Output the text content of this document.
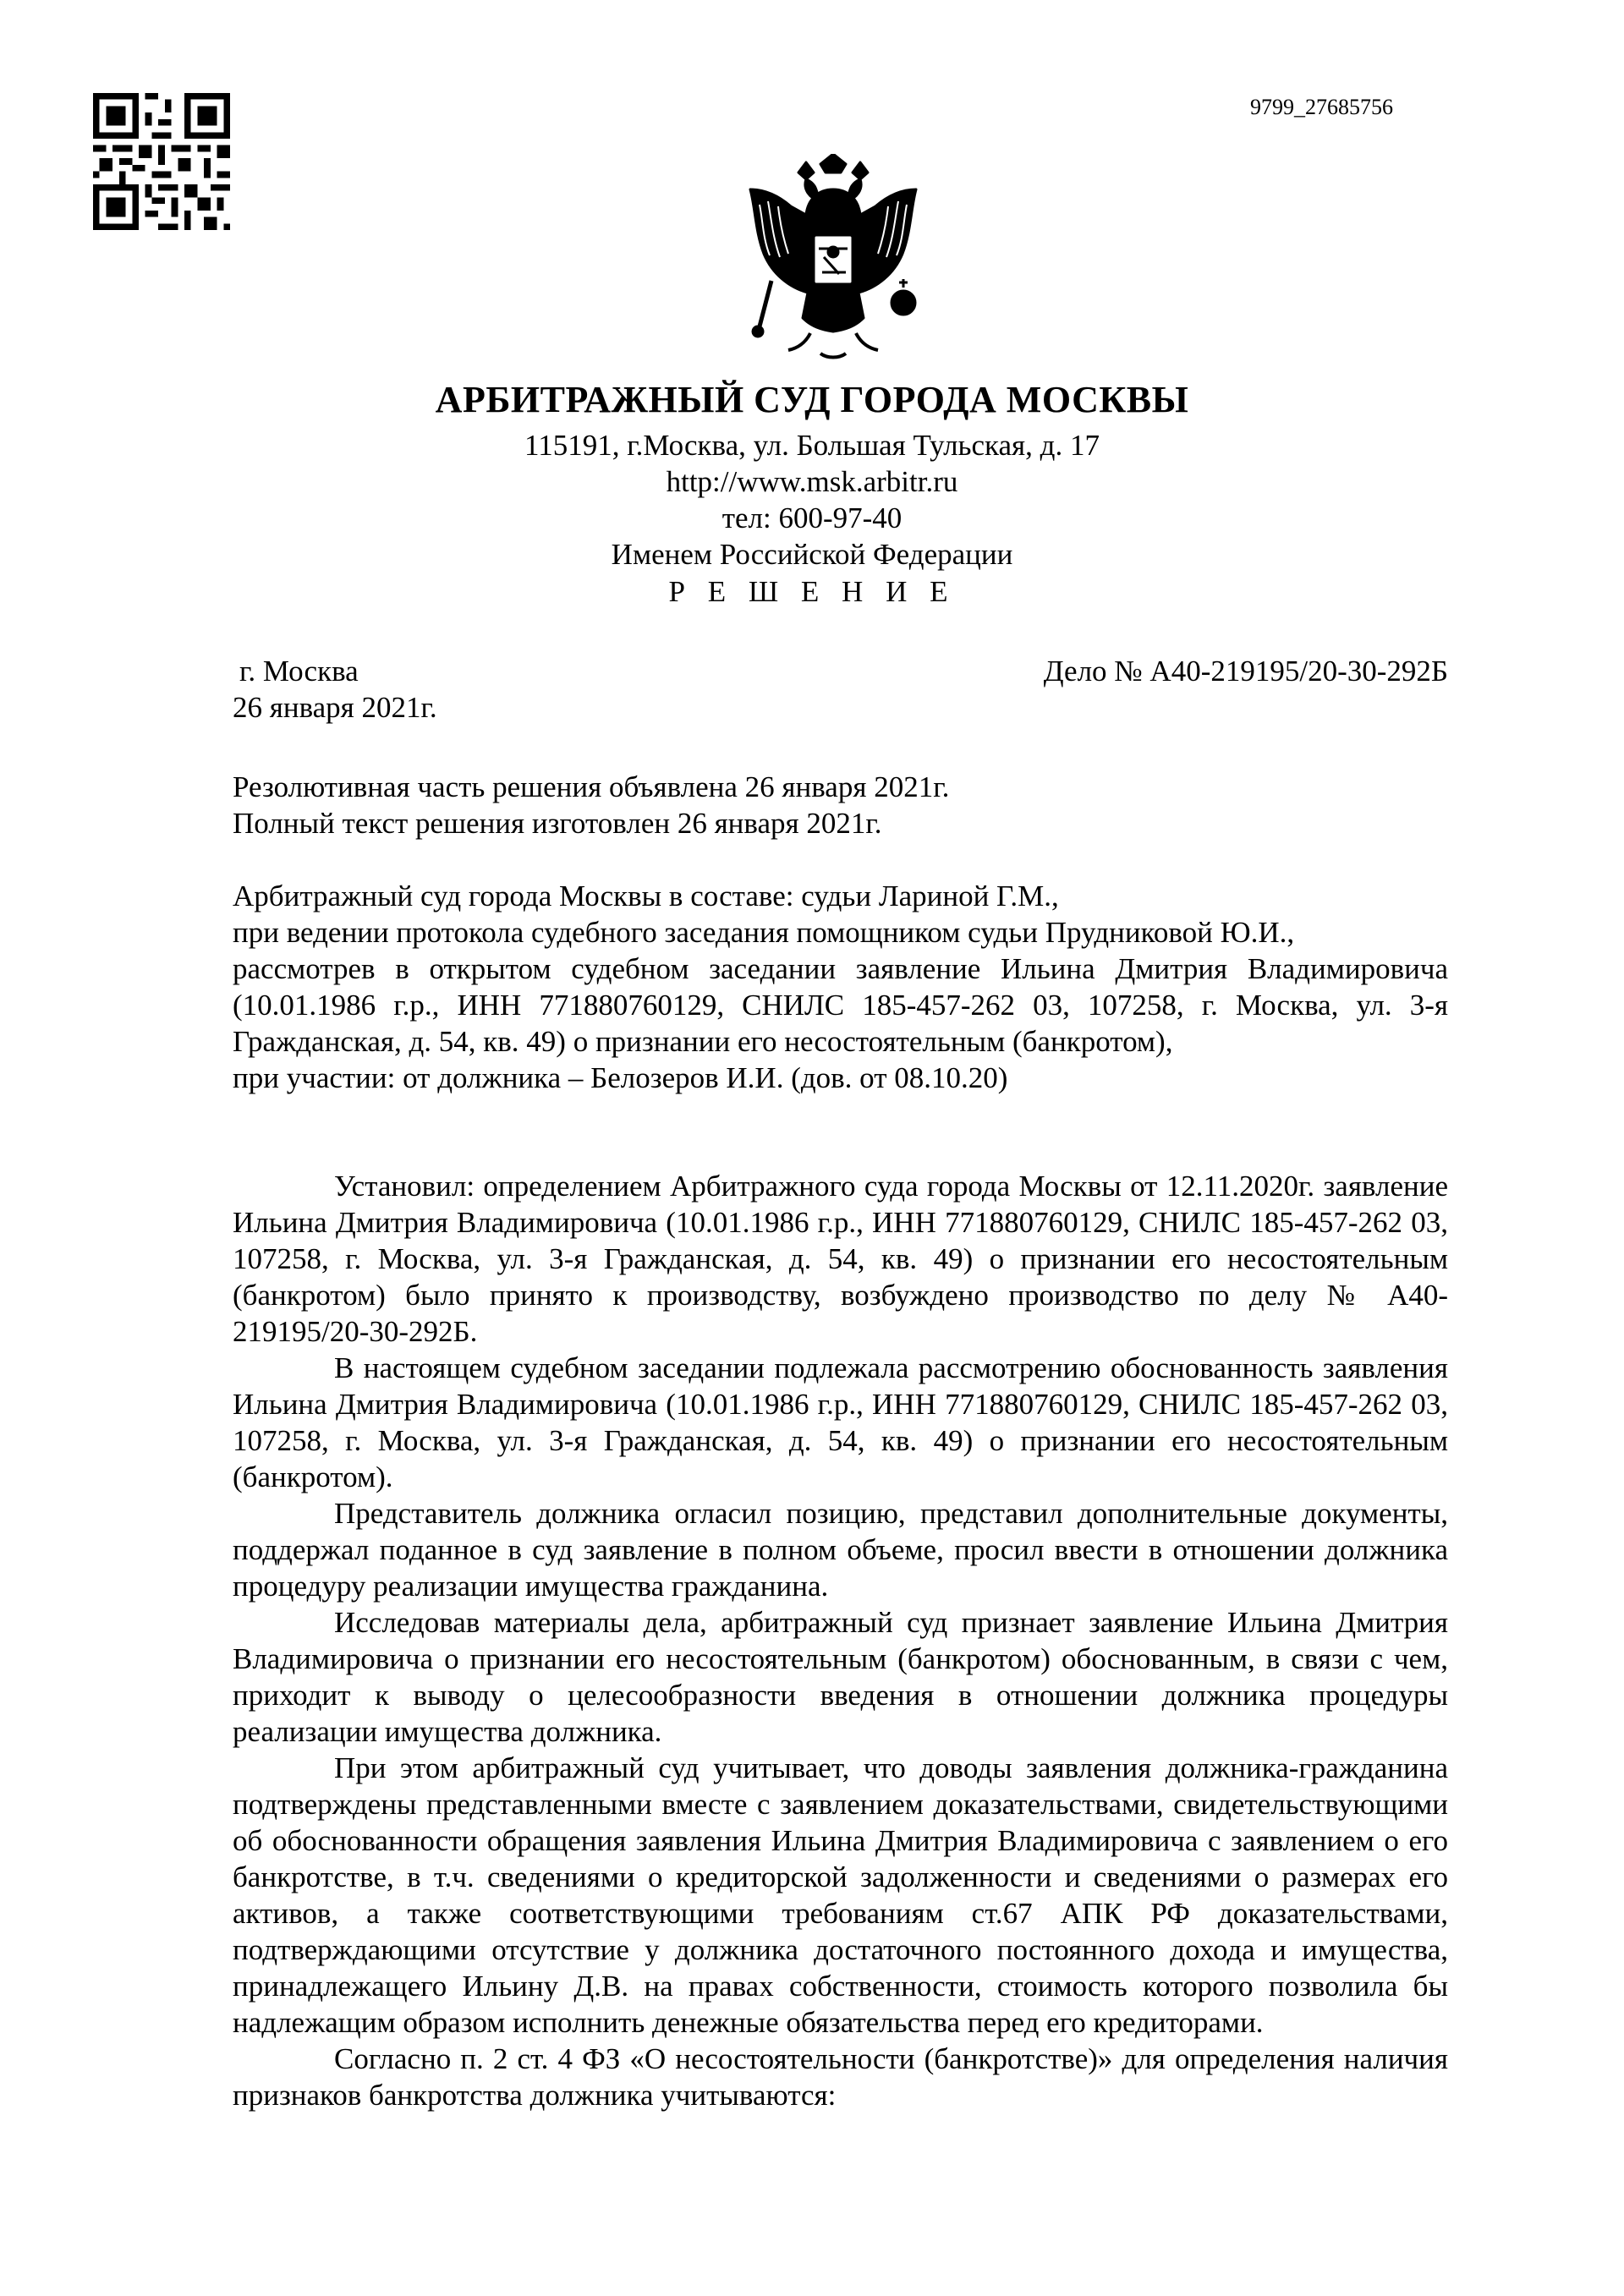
9799_27685756
АРБИТРАЖНЫЙ СУД ГОРОДА МОСКВЫ
115191, г.Москва, ул. Большая Тульская, д. 17
http://www.msk.arbitr.ru
тел: 600-97-40
Именем Российской Федерации
Р Е Ш Е Н И Е
г. Москва
26 января 2021г.
Дело № А40-219195/20-30-292Б
Резолютивная часть решения объявлена 26 января 2021г.
Полный текст решения изготовлен 26 января 2021г.

Арбитражный суд города Москвы в составе: судьи Лариной Г.М.,

при ведении протокола судебного заседания помощником судьи Прудниковой Ю.И.,

рассмотрев в открытом судебном заседании заявление Ильина Дмитрия Владимировича (10.01.1986 г.р., ИНН 771880760129, СНИЛС 185-457-262 03, 107258, г. Москва, ул. 3-я Гражданская, д. 54, кв. 49) о признании его несостоятельным (банкротом),

при участии: от должника – Белозеров И.И. (дов. от 08.10.20)

Установил: определением Арбитражного суда города Москвы от 12.11.2020г. заявление Ильина Дмитрия Владимировича (10.01.1986 г.р., ИНН 771880760129, СНИЛС 185-457-262 03, 107258, г. Москва, ул. 3-я Гражданская, д. 54, кв. 49) о признании его несостоятельным (банкротом) было принято к производству, возбуждено производство по делу № А40-219195/20-30-292Б.

В настоящем судебном заседании подлежала рассмотрению обоснованность заявления Ильина Дмитрия Владимировича (10.01.1986 г.р., ИНН 771880760129, СНИЛС 185-457-262 03, 107258, г. Москва, ул. 3-я Гражданская, д. 54, кв. 49) о признании его несостоятельным (банкротом).

Представитель должника огласил позицию, представил дополнительные документы, поддержал поданное в суд заявление в полном объеме, просил ввести в отношении должника процедуру реализации имущества гражданина.

Исследовав материалы дела, арбитражный суд признает заявление Ильина Дмитрия Владимировича о признании его несостоятельным (банкротом) обоснованным, в связи с чем, приходит к выводу о целесообразности введения в отношении должника процедуры реализации имущества должника.

При этом арбитражный суд учитывает, что доводы заявления должника-гражданина подтверждены представленными вместе с заявлением доказательствами, свидетельствующими об обоснованности обращения заявления Ильина Дмитрия Владимировича с заявлением о его банкротстве, в т.ч. сведениями о кредиторской задолженности и сведениями о размерах его активов, а также соответствующими требованиям ст.67 АПК РФ доказательствами, подтверждающими отсутствие у должника достаточного постоянного дохода и имущества, принадлежащего Ильину Д.В. на правах собственности, стоимость которого позволила бы надлежащим образом исполнить денежные обязательства перед его кредиторами.

Согласно п. 2 ст. 4 ФЗ «О несостоятельности (банкротстве)» для определения наличия признаков банкротства должника учитываются:
